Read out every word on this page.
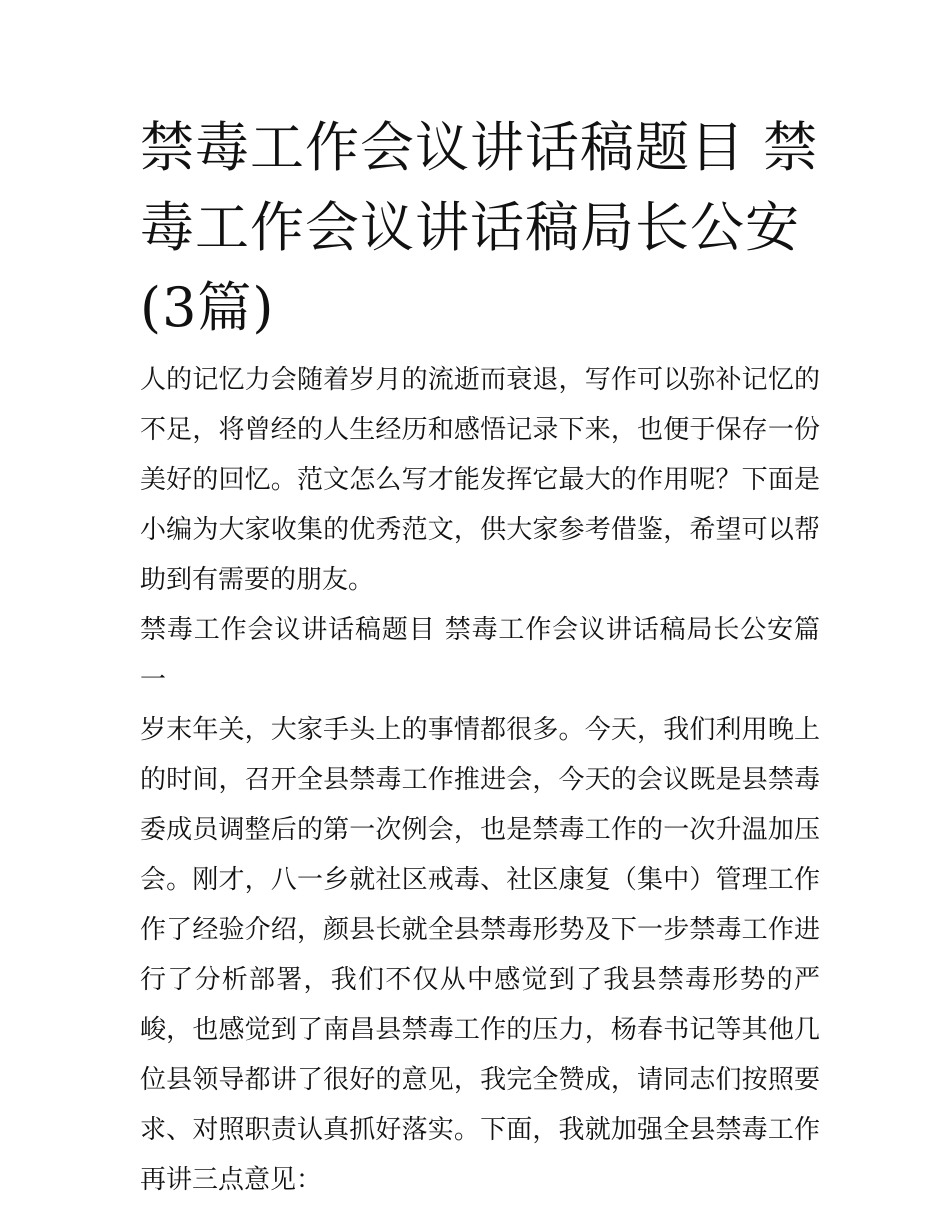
禁毒工作会议讲话稿题目 禁毒工作会议讲话稿局长公安(3篇)

人的记忆力会随着岁月的流逝而衰退，写作可以弥补记忆的不足，将曾经的人生经历和感悟记录下来，也便于保存一份美好的回忆。范文怎么写才能发挥它最大的作用呢？下面是小编为大家收集的优秀范文，供大家参考借鉴，希望可以帮助到有需要的朋友。

禁毒工作会议讲话稿题目 禁毒工作会议讲话稿局长公安篇一

岁末年关，大家手头上的事情都很多。今天，我们利用晚上的时间，召开全县禁毒工作推进会，今天的会议既是县禁毒委成员调整后的第一次例会，也是禁毒工作的一次升温加压会。刚才，八一乡就社区戒毒、社区康复（集中）管理工作作了经验介绍，颜县长就全县禁毒形势及下一步禁毒工作进行了分析部署，我们不仅从中感觉到了我县禁毒形势的严峻，也感觉到了南昌县禁毒工作的压力，杨春书记等其他几位县领导都讲了很好的意见，我完全赞成，请同志们按照要求、对照职责认真抓好落实。下面，我就加强全县禁毒工作再讲三点意见：
